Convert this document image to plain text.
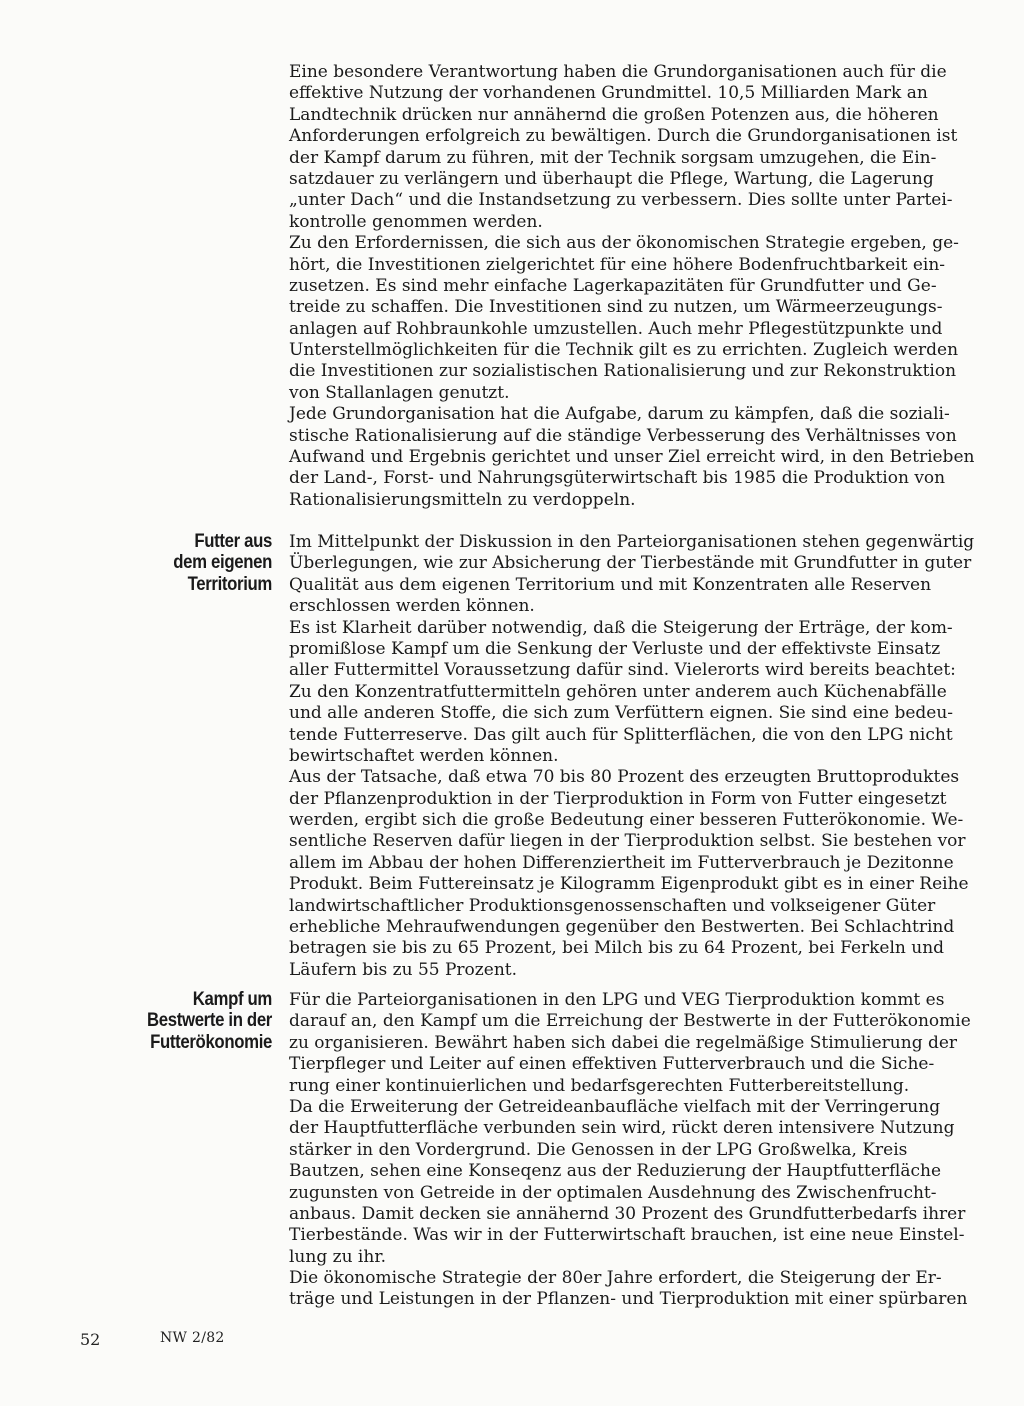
Eine besondere Verantwortung haben die Grundorganisationen auch für die
effektive Nutzung der vorhandenen Grundmittel. 10,5 Milliarden Mark an
Landtechnik drücken nur annähernd die großen Potenzen aus, die höheren
Anforderungen erfolgreich zu bewältigen. Durch die Grundorganisationen ist
der Kampf darum zu führen, mit der Technik sorgsam umzugehen, die Ein-
satzdauer zu verlängern und überhaupt die Pflege, Wartung, die Lagerung
„unter Dach“ und die Instandsetzung zu verbessern. Dies sollte unter Partei-
kontrolle genommen werden.
Zu den Erfordernissen, die sich aus der ökonomischen Strategie ergeben, ge-
hört, die Investitionen zielgerichtet für eine höhere Bodenfruchtbarkeit ein-
zusetzen. Es sind mehr einfache Lagerkapazitäten für Grundfutter und Ge-
treide zu schaffen. Die Investitionen sind zu nutzen, um Wärmeerzeugungs-
anlagen auf Rohbraunkohle umzustellen. Auch mehr Pflegestützpunkte und
Unterstellmöglichkeiten für die Technik gilt es zu errichten. Zugleich werden
die Investitionen zur sozialistischen Rationalisierung und zur Rekonstruktion
von Stallanlagen genutzt.
Jede Grundorganisation hat die Aufgabe, darum zu kämpfen, daß die soziali-
stische Rationalisierung auf die ständige Verbesserung des Verhältnisses von
Aufwand und Ergebnis gerichtet und unser Ziel erreicht wird, in den Betrieben
der Land-, Forst- und Nahrungsgüterwirtschaft bis 1985 die Produktion von
Rationalisierungsmitteln zu verdoppeln.
Futter aus
dem eigenen
Territorium
Im Mittelpunkt der Diskussion in den Parteiorganisationen stehen gegenwärtig
Überlegungen, wie zur Absicherung der Tierbestände mit Grundfutter in guter
Qualität aus dem eigenen Territorium und mit Konzentraten alle Reserven
erschlossen werden können.
Es ist Klarheit darüber notwendig, daß die Steigerung der Erträge, der kom-
promißlose Kampf um die Senkung der Verluste und der effektivste Einsatz
aller Futtermittel Voraussetzung dafür sind. Vielerorts wird bereits beachtet:
Zu den Konzentratfuttermitteln gehören unter anderem auch Küchenabfälle
und alle anderen Stoffe, die sich zum Verfüttern eignen. Sie sind eine bedeu-
tende Futterreserve. Das gilt auch für Splitterflächen, die von den LPG nicht
bewirtschaftet werden können.
Aus der Tatsache, daß etwa 70 bis 80 Prozent des erzeugten Bruttoproduktes
der Pflanzenproduktion in der Tierproduktion in Form von Futter eingesetzt
werden, ergibt sich die große Bedeutung einer besseren Futterökonomie. We-
sentliche Reserven dafür liegen in der Tierproduktion selbst. Sie bestehen vor
allem im Abbau der hohen Differenziertheit im Futterverbrauch je Dezitonne
Produkt. Beim Futtereinsatz je Kilogramm Eigenprodukt gibt es in einer Reihe
landwirtschaftlicher Produktionsgenossenschaften und volkseigener Güter
erhebliche Mehraufwendungen gegenüber den Bestwerten. Bei Schlachtrind
betragen sie bis zu 65 Prozent, bei Milch bis zu 64 Prozent, bei Ferkeln und
Läufern bis zu 55 Prozent.
Kampf um
Bestwerte in der
Futterökonomie
Für die Parteiorganisationen in den LPG und VEG Tierproduktion kommt es
darauf an, den Kampf um die Erreichung der Bestwerte in der Futterökonomie
zu organisieren. Bewährt haben sich dabei die regelmäßige Stimulierung der
Tierpfleger und Leiter auf einen effektiven Futterverbrauch und die Siche-
rung einer kontinuierlichen und bedarfsgerechten Futterbereitstellung.
Da die Erweiterung der Getreideanbaufläche vielfach mit der Verringerung
der Hauptfutterfläche verbunden sein wird, rückt deren intensivere Nutzung
stärker in den Vordergrund. Die Genossen in der LPG Großwelka, Kreis
Bautzen, sehen eine Konseqenz aus der Reduzierung der Hauptfutterfläche
zugunsten von Getreide in der optimalen Ausdehnung des Zwischenfrucht-
anbaus. Damit decken sie annähernd 30 Prozent des Grundfutterbedarfs ihrer
Tierbestände. Was wir in der Futterwirtschaft brauchen, ist eine neue Einstel-
lung zu ihr.
Die ökonomische Strategie der 80er Jahre erfordert, die Steigerung der Er-
träge und Leistungen in der Pflanzen- und Tierproduktion mit einer spürbaren
52	NW 2/82
